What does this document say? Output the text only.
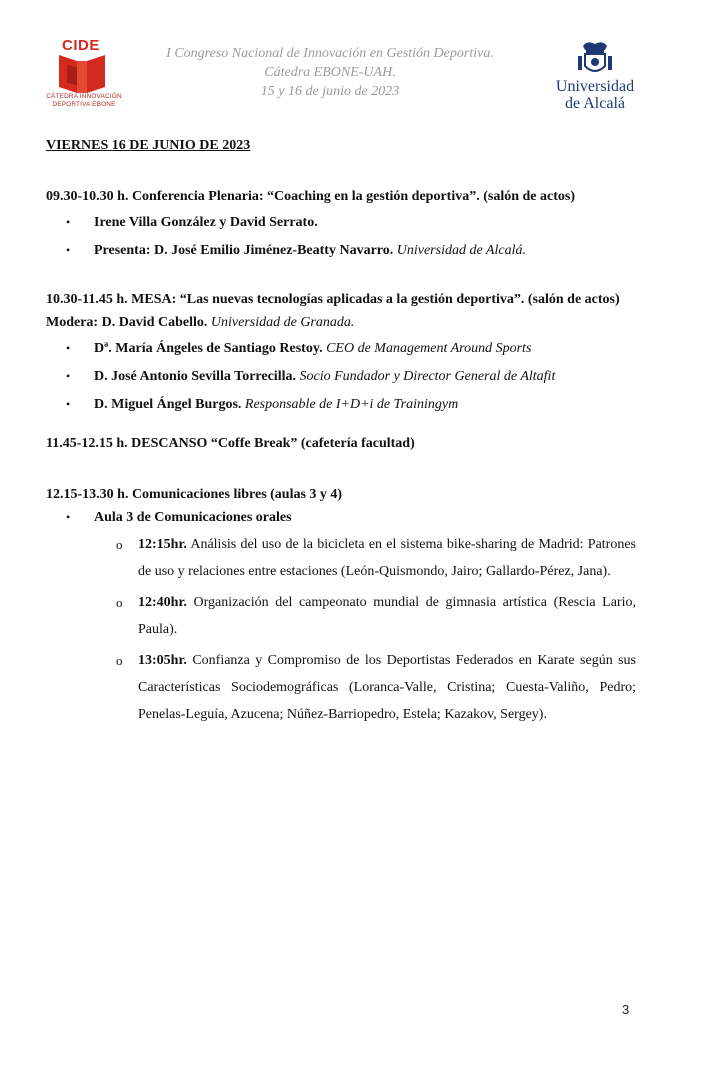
CIDE
CÁTEDRA INNOVACIÓN
DEPORTIVA EBONE
I Congreso Nacional de Innovación en Gestión Deportiva.
Cátedra EBONE-UAH.
15 y 16 de junio de 2023	Universidad
de Alcalá

VIERNES 16 DE JUNIO DE 2023

09.30-10.30 h. Conferencia Plenaria: “Coaching en la gestión deportiva”. (salón de actos)

• Irene Villa González y David Serrato.
• Presenta: D. José Emilio Jiménez-Beatty Navarro. Universidad de Alcalá.

10.30-11.45 h. MESA: “Las nuevas tecnologías aplicadas a la gestión deportiva”. (salón de actos)

Modera: D. David Cabello. Universidad de Granada.

• Dª. María Ángeles de Santiago Restoy. CEO de Management Around Sports
• D. José Antonio Sevilla Torrecilla. Socio Fundador y Director General de Altafit
• D. Miguel Ángel Burgos. Responsable de I+D+i de Trainingym

11.45-12.15 h. DESCANSO “Coffe Break” (cafetería facultad)

12.15-13.30 h. Comunicaciones libres (aulas 3 y 4)

• Aula 3 de Comunicaciones orales
o 12:15hr. Análisis del uso de la bicicleta en el sistema bike-sharing de Madrid: Patrones de uso y relaciones entre estaciones (León-Quismondo, Jairo; Gallardo-Pérez, Jana).
o 12:40hr. Organización del campeonato mundial de gimnasia artística (Rescia Lario, Paula).
o 13:05hr. Confianza y Compromiso de los Deportistas Federados en Karate según sus Características Sociodemográficas (Loranca-Valle, Cristina; Cuesta-Valiño, Pedro; Penelas-Leguía, Azucena; Núñez-Barriopedro, Estela; Kazakov, Sergey).
3
